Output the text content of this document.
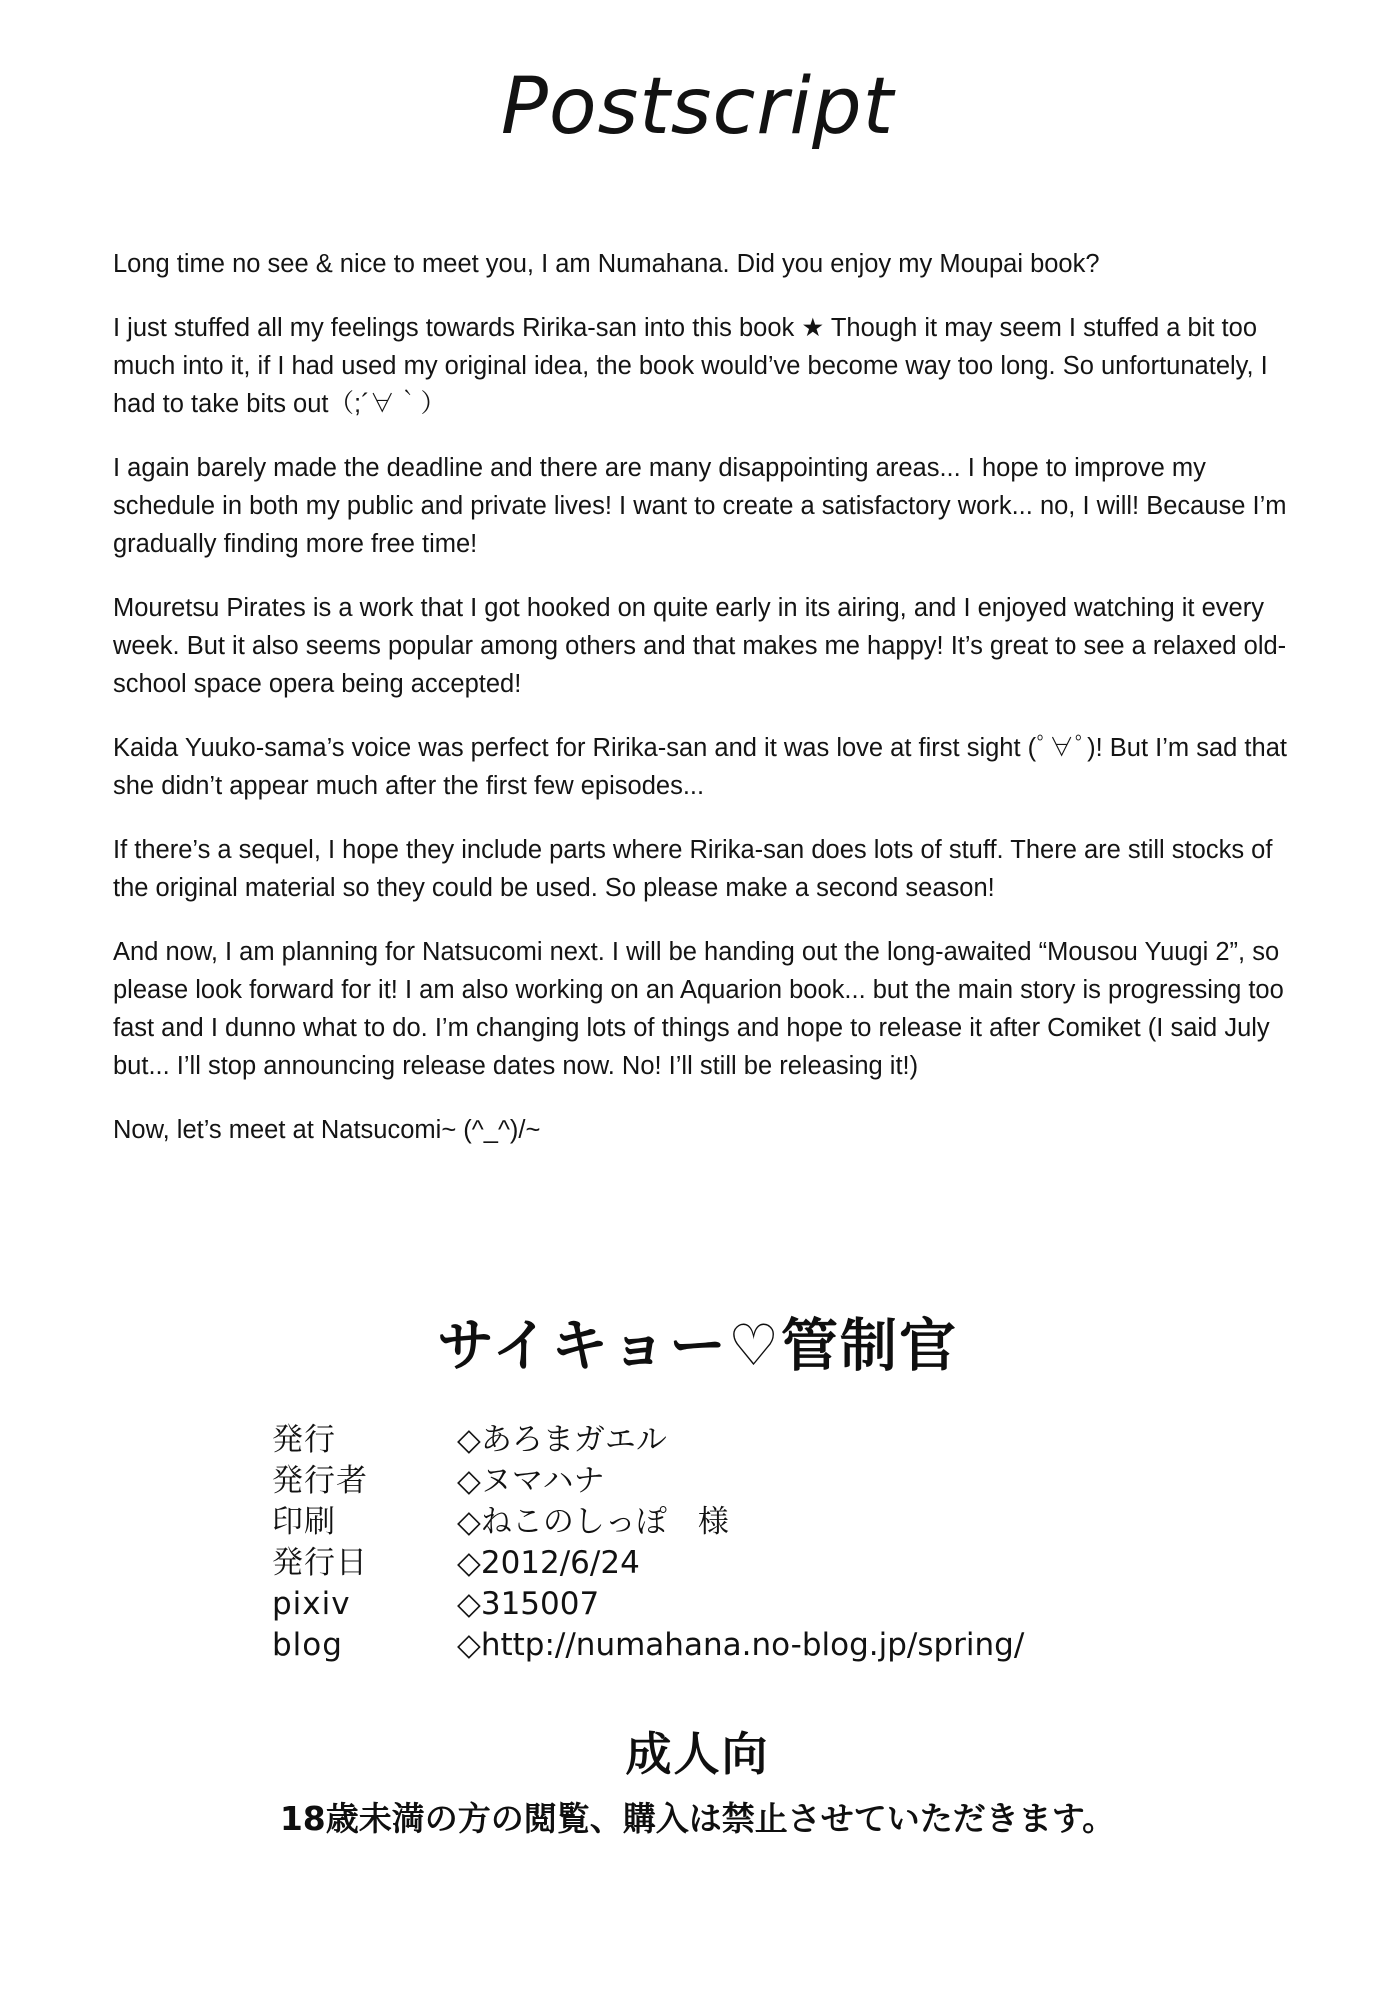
Postscript

Long time no see & nice to meet you, I am Numahana. Did you enjoy my Moupai book?

I just stuffed all my feelings towards Ririka-san into this book ★ Though it may seem I stuffed a bit too much into it, if I had used my original idea, the book would’ve become way too long. So unfortunately, I had to take bits out（;´∀｀）

I again barely made the deadline and there are many disappointing areas... I hope to improve my schedule in both my public and private lives! I want to create a satisfactory work... no, I will! Because I’m gradually finding more free time!

Mouretsu Pirates is a work that I got hooked on quite early in its airing, and I enjoyed watching it every week. But it also seems popular among others and that makes me happy! It’s great to see a relaxed old-school space opera being accepted!

Kaida Yuuko-sama’s voice was perfect for Ririka-san and it was love at first sight (ﾟ∀ﾟ)! But I’m sad that she didn’t appear much after the first few episodes...

If there’s a sequel, I hope they include parts where Ririka-san does lots of stuff. There are still stocks of the original material so they could be used. So please make a second season!

And now, I am planning for Natsucomi next. I will be handing out the long-awaited “Mousou Yuugi 2”, so please look forward for it! I am also working on an Aquarion book... but the main story is progressing too fast and I dunno what to do. I’m changing lots of things and hope to release it after Comiket (I said July but... I’ll stop announcing release dates now. No! I’ll still be releasing it!)

Now, let’s meet at Natsucomi~ (^_^)/~

サイキョー♡管制官
発行	◇あろまガエル
発行者	◇ヌマハナ
印刷	◇ねこのしっぽ　様
発行日	◇2012/6/24
pixiv	◇315007
blog	◇http://numahana.no-blog.jp/spring/
成人向
18歳未満の方の閲覧、購入は禁止させていただきます。
